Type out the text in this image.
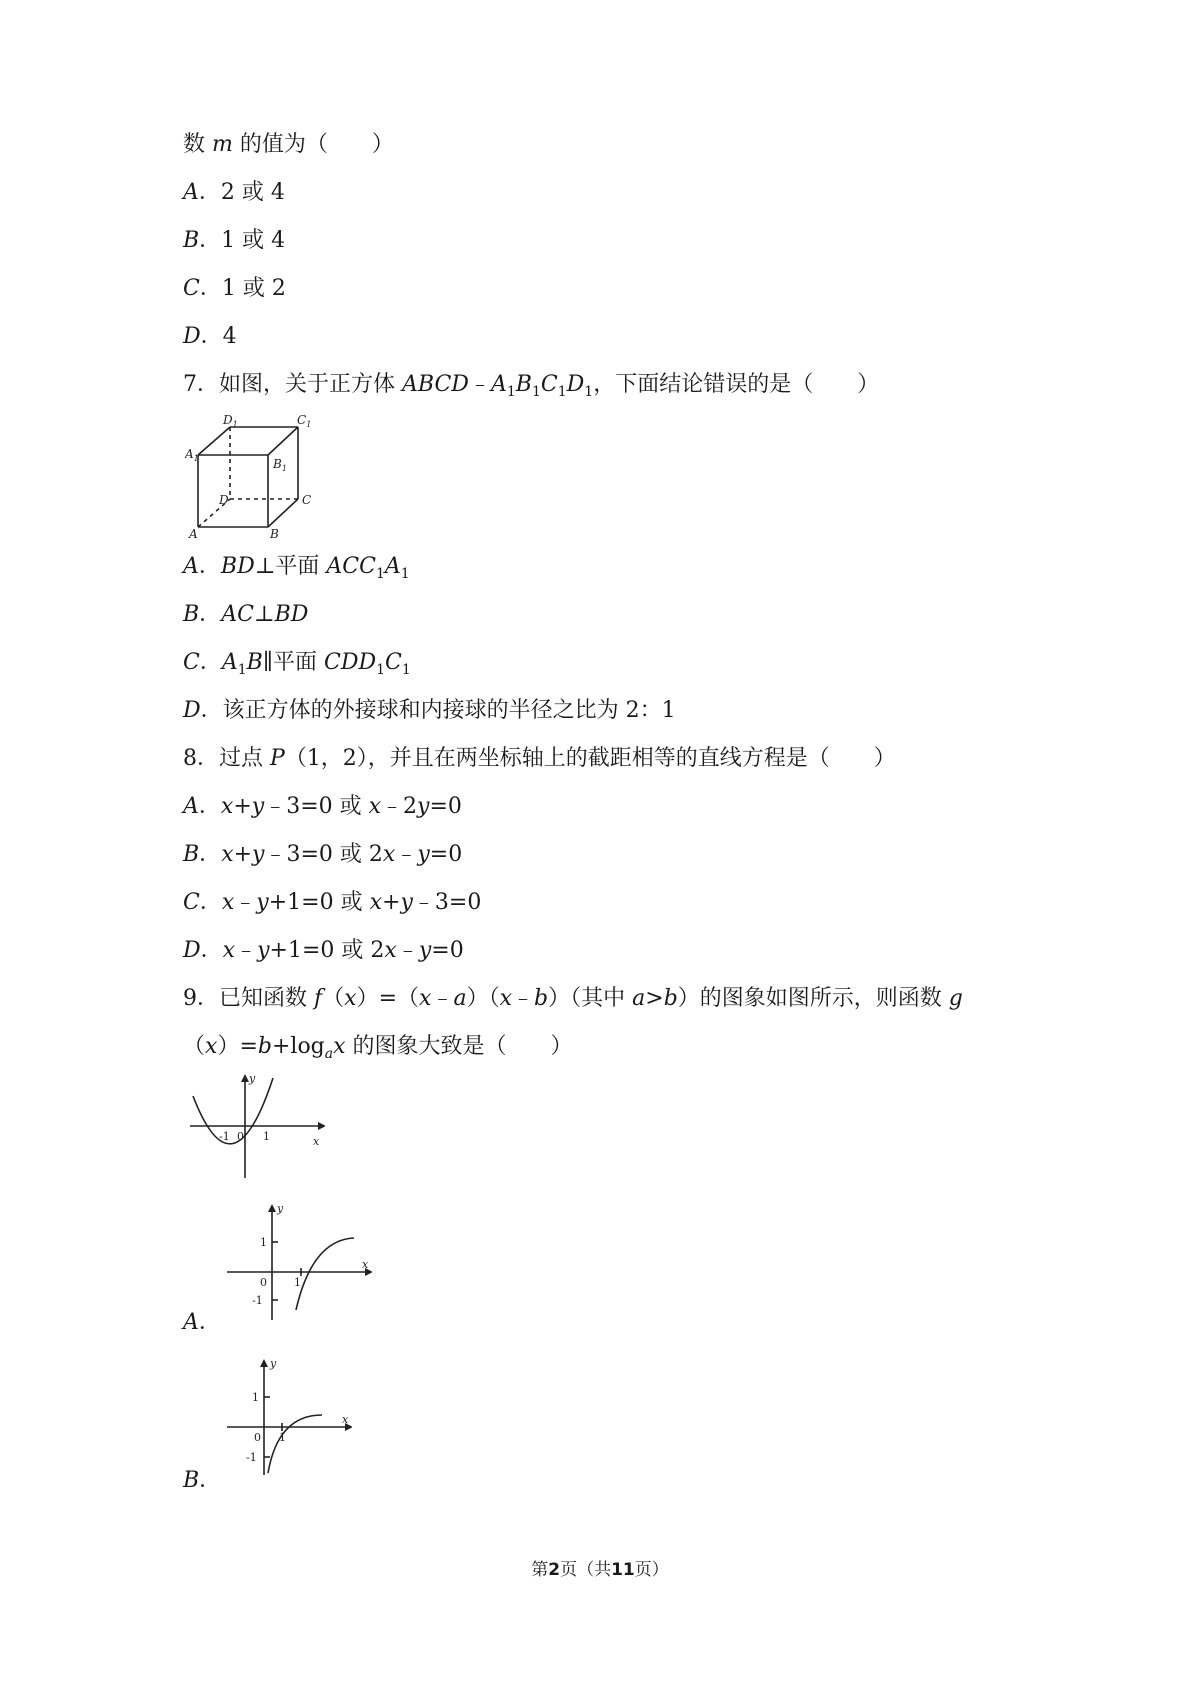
数 m 的值为（　　）
A．2 或 4
B．1 或 4
C．1 或 2
D．4
7．如图，关于正方体 $ABCD﹣A_1B_1C_1D_1$，下面结论错误的是（　　）
$D_1$	$C_1$
$A_1$	$B_1$
D	C
A	B
A．BD⊥平面 $ACC_1A_1$
B．AC⊥BD
C．$A_1B\parallel$平面 $CDD_1C_1$
D．该正方体的外接球和内接球的半径之比为 2：1
8．过点 P（1，2），并且在两坐标轴上的截距相等的直线方程是（　　）
A．x+y﹣3=0 或 x﹣2y=0
B．x+y﹣3=0 或 2x﹣y=0
C．x﹣y+1=0 或 x+y﹣3=0
D．x﹣y+1=0 或 2x﹣y=0
9．已知函数 f（x）=（x﹣a）（x﹣b）（其中 a>b）的图象如图所示，则函数 g
$(x)=b+\log_ax$ 的图象大致是（　　）
y
x
-1 0 1
A．
y
x
1
0
-1
1
B．
y
x
1
0
-1
1
第2页（共11页）
